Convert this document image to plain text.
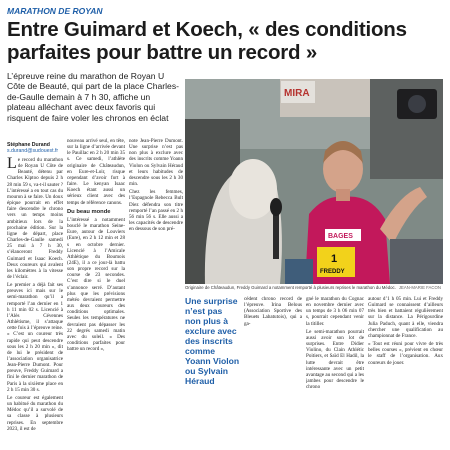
MARATHON DE ROYAN
Entre Guimard et Koech, « des conditions parfaites pour battre un record »
L’épreuve reine du marathon de Royan U Côte de Beauté, qui part de la place Charles-de-Gaulle demain à 7 h 30, affiche un plateau alléchant avec deux favoris qui risquent de faire voler les chronos en éclat
Stéphane Durand
s.durand@sudouest.fr

Le record du marathon de Royan U Côte de Beauté, détenu par Charles Kiptoo depuis 2 h 28 min 59 s, va-t-il sauter ? L’intéressé a en tout cas du mouron à se faire. Un doux épique pourrait en effet faire descendre le chrono vers un temps moins ambitieux lors de la prochaine édition. Sur la ligne de départ, place Charles-de-Gaulle samedi 25 mai à 7 h 30, s’élanceront Freddy Guimard et Isaac Koech. Deux coureurs qui avalent les kilomètres à la vitesse de l’éclair.

Le premier a déjà fait ses preuves ici mais sur le semi-marathon qu’il a remporté l’an dernier en 1 h 11 min 02 s. Licencié à l’Alès Cévennes Athlétisme, il s’attaque cette fois à l’épreuve reine. « C’est un coureur très rapide qui peut descendre sous les 2 h 20 min », dit de lui le président de l’association organisatrice Jean-Pierre Dumont. Pour preuve, Freddy Guimard a fini le dernier marathon de Paris à la sixième place en 2 h 15 min 30 s.

Le coureur est également un habitué du marathon du Médoc qu’il a survolé de sa classe à plusieurs reprises. En septembre 2023, il est de

nouveau arrivé seul, en tête, sur la ligne d’arrivée devant le Pauillac en 2 h 20 min 35 s. Ce samedi, l’athlète originaire de Châteaudun, en Eure-et-Loir, risque cependant d’avoir fort à faire. Le kenyan Isaac Koech étant aussi un sérieux client avec des temps de référence canons.

Du beau monde

L’intéressé a notamment bouclé le marathon Seine-Eure, autour de Louviers (Eure), en 2 h 12 min et 28 s en octobre dernier. Licencié à l’Amicale Athlétique du Boumois (24E), il a ce jour-là battu son propre record sur la course de 23 secondes. C’est dire si le duel s’annonce serré. D’autant plus que les prévisions météo devraient permettre aux deux coureurs des conditions optimales. Seules les températures ne devraient pas dépasser les 22 degrés samedi matin avec du soleil. « Des conditions parfaites pour battre un record »,

note Jean-Pierre Dumont. Une surprise n’est pas non plus à exclure avec des inscrits comme Yoann Violon ou Sylvain Héraud et leurs habitudes de descendre sous les 2 h 30 min.

Chez les femmes, l’Espagnole Rebecca Bult Díez défendra son titre remporté l’an passé en 2 h 56 min 56 s. Elle aussi a les capacités de descendre en dessous de son pré-

MIRA
BAGES
1
FREDDY
Originaire de Châteaudun, Freddy Guimard a notamment remporté à plusieurs reprises le marathon du Médoc. JEAN-MARIE FACON
Une surprise n’est pas non plus à exclure avec des inscrits comme Yoann Violon ou Sylvain Héraud

cédent chrono record de l’épreuve. Irina Belous (Association Sportive des Bleuets Labatutois), qui a ga-

gné le marathon du Cognac en novembre dernier avec un temps de 3 h 06 min 07 s, pourrait cependant venir la titiller.

Le semi-marathon pourrait aussi avoir son lot de surprises. Entre Didier Violino, du Clain Athlétic Poitiers, et Saïd El Hadil, la lutte devrait être intéressante avec un petit avantage au second qui a les jambes pour descendre le chrono

autour d’1 h 05 min. Lui et Freddy Guimard se connaissent d’ailleurs très bien et battaient régulièrement sur la distance. La Périgourdine Julia Paduch, quant à elle, viendra chercher une qualification au championnat de France.

« Tout est réuni pour vivre de très belles courses », prévient en chœur le staff de l’organisation. Aux coureurs de jouer.
